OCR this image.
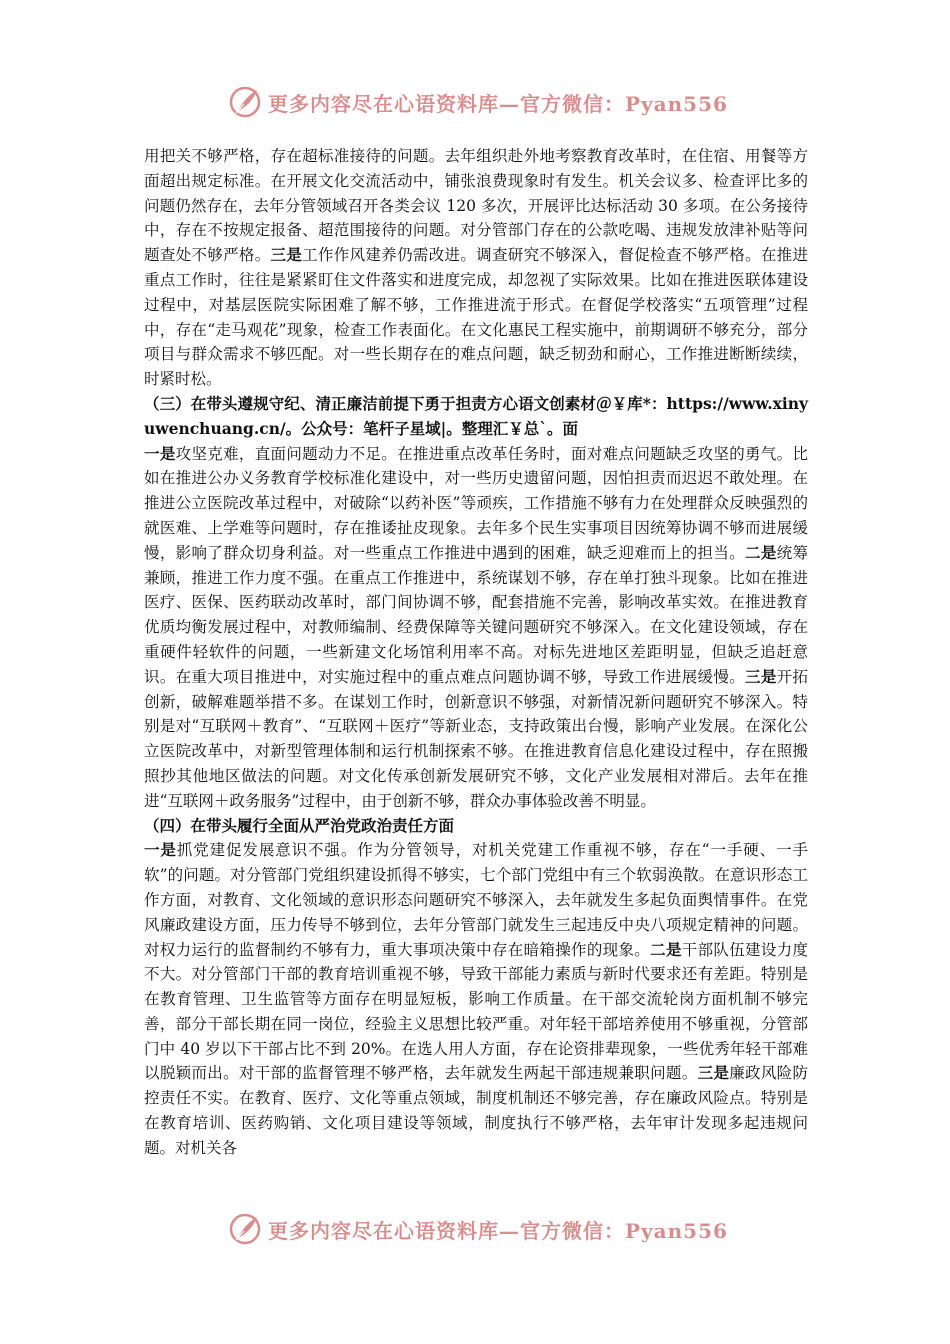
更多内容尽在心语资料库—官方微信：Pyan556

用把关不够严格，存在超标准接待的问题。去年组织赴外地考察教育改革时，在住宿、用餐等方面超出规定标准。在开展文化交流活动中，铺张浪费现象时有发生。机关会议多、检查评比多的问题仍然存在，去年分管领域召开各类会议 120 多次，开展评比达标活动 30 多项。在公务接待中，存在不按规定报备、超范围接待的问题。对分管部门存在的公款吃喝、违规发放津补贴等问题查处不够严格。三是工作作风建养仍需改进。调查研究不够深入，督促检查不够严格。在推进重点工作时，往往是紧紧盯住文件落实和进度完成，却忽视了实际效果。比如在推进医联体建设过程中，对基层医院实际困难了解不够，工作推进流于形式。在督促学校落实“五项管理”过程中，存在“走马观花”现象，检查工作表面化。在文化惠民工程实施中，前期调研不够充分，部分项目与群众需求不够匹配。对一些长期存在的难点问题，缺乏韧劲和耐心，工作推进断断续续，时紧时松。

（三）在带头遵规守纪、清正廉洁前提下勇于担责方心语文创素材＠￥库*：https://www.xinyuwenchuang.cn/。公众号：笔杆子星域|。整理汇￥总`。面

一是攻坚克难，直面问题动力不足。在推进重点改革任务时，面对难点问题缺乏攻坚的勇气。比如在推进公办义务教育学校标准化建设中，对一些历史遗留问题，因怕担责而迟迟不敢处理。在推进公立医院改革过程中，对破除“以药补医”等顽疾，工作措施不够有力在处理群众反映强烈的就医难、上学难等问题时，存在推诿扯皮现象。去年多个民生实事项目因统筹协调不够而进展缓慢，影响了群众切身利益。对一些重点工作推进中遇到的困难，缺乏迎难而上的担当。二是统筹兼顾，推进工作力度不强。在重点工作推进中，系统谋划不够，存在单打独斗现象。比如在推进医疗、医保、医药联动改革时，部门间协调不够，配套措施不完善，影响改革实效。在推进教育优质均衡发展过程中，对教师编制、经费保障等关键问题研究不够深入。在文化建设领域，存在重硬件轻软件的问题，一些新建文化场馆利用率不高。对标先进地区差距明显，但缺乏追赶意识。在重大项目推进中，对实施过程中的重点难点问题协调不够，导致工作进展缓慢。三是开拓创新，破解难题举措不多。在谋划工作时，创新意识不够强，对新情况新问题研究不够深入。特别是对“互联网＋教育”、“互联网＋医疗”等新业态，支持政策出台慢，影响产业发展。在深化公立医院改革中，对新型管理体制和运行机制探索不够。在推进教育信息化建设过程中，存在照搬照抄其他地区做法的问题。对文化传承创新发展研究不够，文化产业发展相对滞后。去年在推进“互联网＋政务服务”过程中，由于创新不够，群众办事体验改善不明显。

（四）在带头履行全面从严治党政治责任方面

一是抓党建促发展意识不强。作为分管领导，对机关党建工作重视不够，存在“一手硬、一手软”的问题。对分管部门党组织建设抓得不够实，七个部门党组中有三个软弱涣散。在意识形态工作方面，对教育、文化领域的意识形态问题研究不够深入，去年就发生多起负面舆情事件。在党风廉政建设方面，压力传导不够到位，去年分管部门就发生三起违反中央八项规定精神的问题。对权力运行的监督制约不够有力，重大事项决策中存在暗箱操作的现象。二是干部队伍建设力度不大。对分管部门干部的教育培训重视不够，导致干部能力素质与新时代要求还有差距。特别是在教育管理、卫生监管等方面存在明显短板，影响工作质量。在干部交流轮岗方面机制不够完善，部分干部长期在同一岗位，经验主义思想比较严重。对年轻干部培养使用不够重视，分管部门中 40 岁以下干部占比不到 20%。在选人用人方面，存在论资排辈现象，一些优秀年轻干部难以脱颖而出。对干部的监督管理不够严格，去年就发生两起干部违规兼职问题。三是廉政风险防控责任不实。在教育、医疗、文化等重点领域，制度机制还不够完善，存在廉政风险点。特别是在教育培训、医药购销、文化项目建设等领域，制度执行不够严格，去年审计发现多起违规问题。对机关各

更多内容尽在心语资料库—官方微信：Pyan556
